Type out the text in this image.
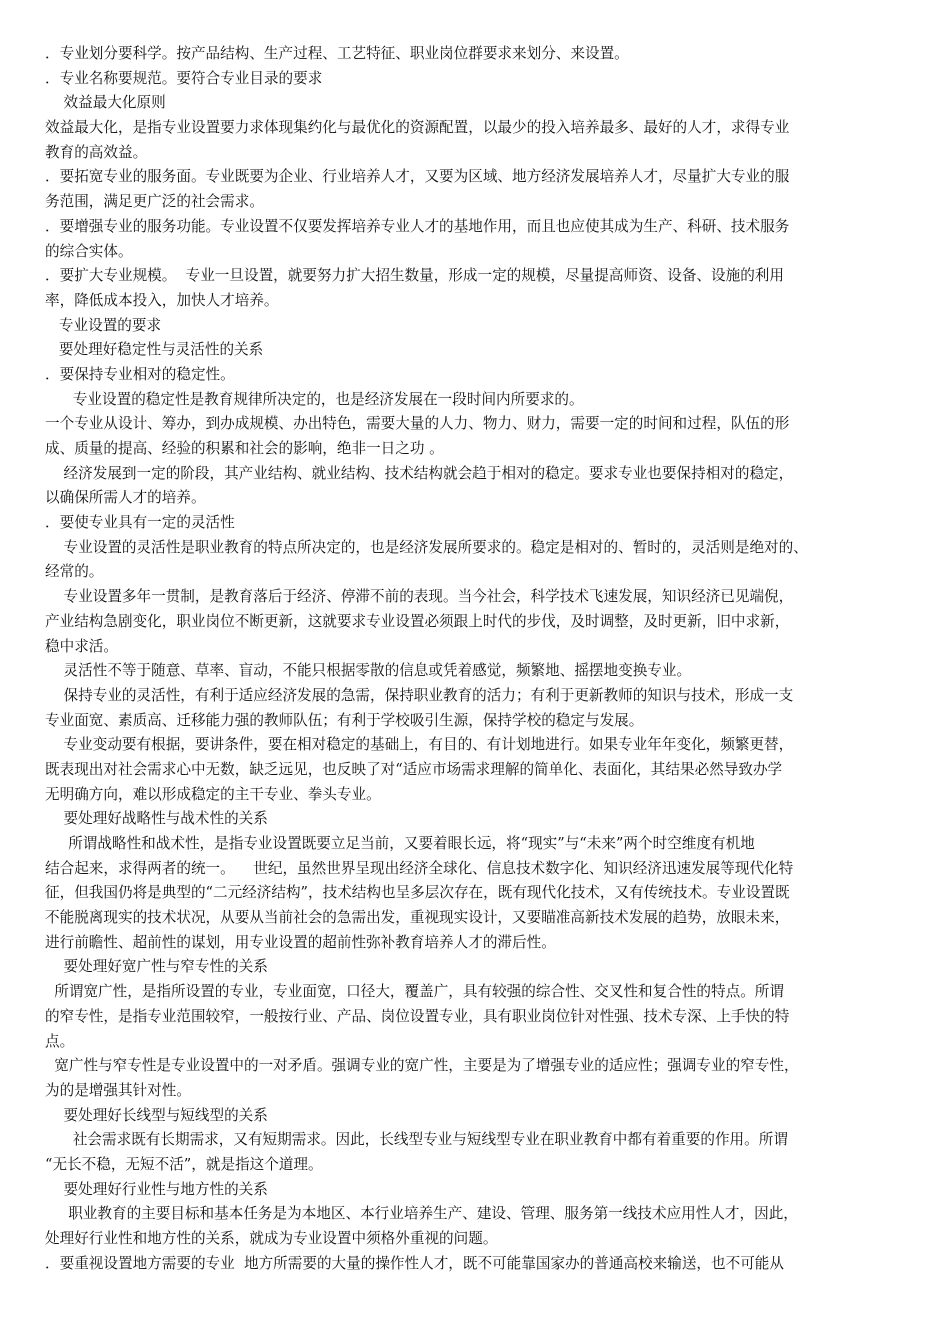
．专业划分要科学。按产品结构、生产过程、工艺特征、职业岗位群要求来划分、来设置。
．专业名称要规范。要符合专业目录的要求
效益最大化原则
效益最大化，是指专业设置要力求体现集约化与最优化的资源配置，以最少的投入培养最多、最好的人才，求得专业
教育的高效益。
．要拓宽专业的服务面。专业既要为企业、行业培养人才，又要为区域、地方经济发展培养人才，尽量扩大专业的服
务范围，满足更广泛的社会需求。
．要增强专业的服务功能。专业设置不仅要发挥培养专业人才的基地作用，而且也应使其成为生产、科研、技术服务
的综合实体。
．要扩大专业规模。  专业一旦设置，就要努力扩大招生数量，形成一定的规模，尽量提高师资、设备、设施的利用
率，降低成本投入，加快人才培养。
专业设置的要求
要处理好稳定性与灵活性的关系
．要保持专业相对的稳定性。
专业设置的稳定性是教育规律所决定的，也是经济发展在一段时间内所要求的。
一个专业从设计、筹办，到办成规模、办出特色，需要大量的人力、物力、财力，需要一定的时间和过程，队伍的形
成、质量的提高、经验的积累和社会的影响，绝非一日之功 。
经济发展到一定的阶段，其产业结构、就业结构、技术结构就会趋于相对的稳定。要求专业也要保持相对的稳定，
以确保所需人才的培养。
．要使专业具有一定的灵活性
专业设置的灵活性是职业教育的特点所决定的，也是经济发展所要求的。稳定是相对的、暂时的，灵活则是绝对的、
经常的。
专业设置多年一贯制，是教育落后于经济、停滞不前的表现。当今社会，科学技术飞速发展，知识经济已见端倪，
产业结构急剧变化，职业岗位不断更新，这就要求专业设置必须跟上时代的步伐，及时调整，及时更新，旧中求新，
稳中求活。
灵活性不等于随意、草率、盲动，不能只根据零散的信息或凭着感觉，频繁地、摇摆地变换专业。
保持专业的灵活性，有利于适应经济发展的急需，保持职业教育的活力；有利于更新教师的知识与技术，形成一支
专业面宽、素质高、迁移能力强的教师队伍；有利于学校吸引生源，保持学校的稳定与发展。
专业变动要有根据，要讲条件，要在相对稳定的基础上，有目的、有计划地进行。如果专业年年变化，频繁更替，
既表现出对社会需求心中无数，缺乏远见，也反映了对“适应市场需求理解的简单化、表面化，其结果必然导致办学
无明确方向，难以形成稳定的主干专业、拳头专业。
要处理好战略性与战术性的关系
所谓战略性和战术性，是指专业设置既要立足当前，又要着眼长远，将“现实”与“未来”两个时空维度有机地
结合起来，求得两者的统一。    世纪，虽然世界呈现出经济全球化、信息技术数字化、知识经济迅速发展等现代化特
征，但我国仍将是典型的“二元经济结构”，技术结构也呈多层次存在，既有现代化技术，又有传统技术。专业设置既
不能脱离现实的技术状况，从要从当前社会的急需出发，重视现实设计，又要瞄准高新技术发展的趋势，放眼未来，
进行前瞻性、超前性的谋划，用专业设置的超前性弥补教育培养人才的滞后性。
要处理好宽广性与窄专性的关系
所谓宽广性，是指所设置的专业，专业面宽，口径大，覆盖广，具有较强的综合性、交叉性和复合性的特点。所谓
的窄专性，是指专业范围较窄，一般按行业、产品、岗位设置专业，具有职业岗位针对性强、技术专深、上手快的特
点。
宽广性与窄专性是专业设置中的一对矛盾。强调专业的宽广性，主要是为了增强专业的适应性；强调专业的窄专性，
为的是增强其针对性。
要处理好长线型与短线型的关系
社会需求既有长期需求，又有短期需求。因此，长线型专业与短线型专业在职业教育中都有着重要的作用。所谓
“无长不稳，无短不活”，就是指这个道理。
要处理好行业性与地方性的关系
职业教育的主要目标和基本任务是为本地区、本行业培养生产、建设、管理、服务第一线技术应用性人才，因此，
处理好行业性和地方性的关系，就成为专业设置中须格外重视的问题。
．要重视设置地方需要的专业  地方所需要的大量的操作性人才，既不可能靠国家办的普通高校来输送，也不可能从
